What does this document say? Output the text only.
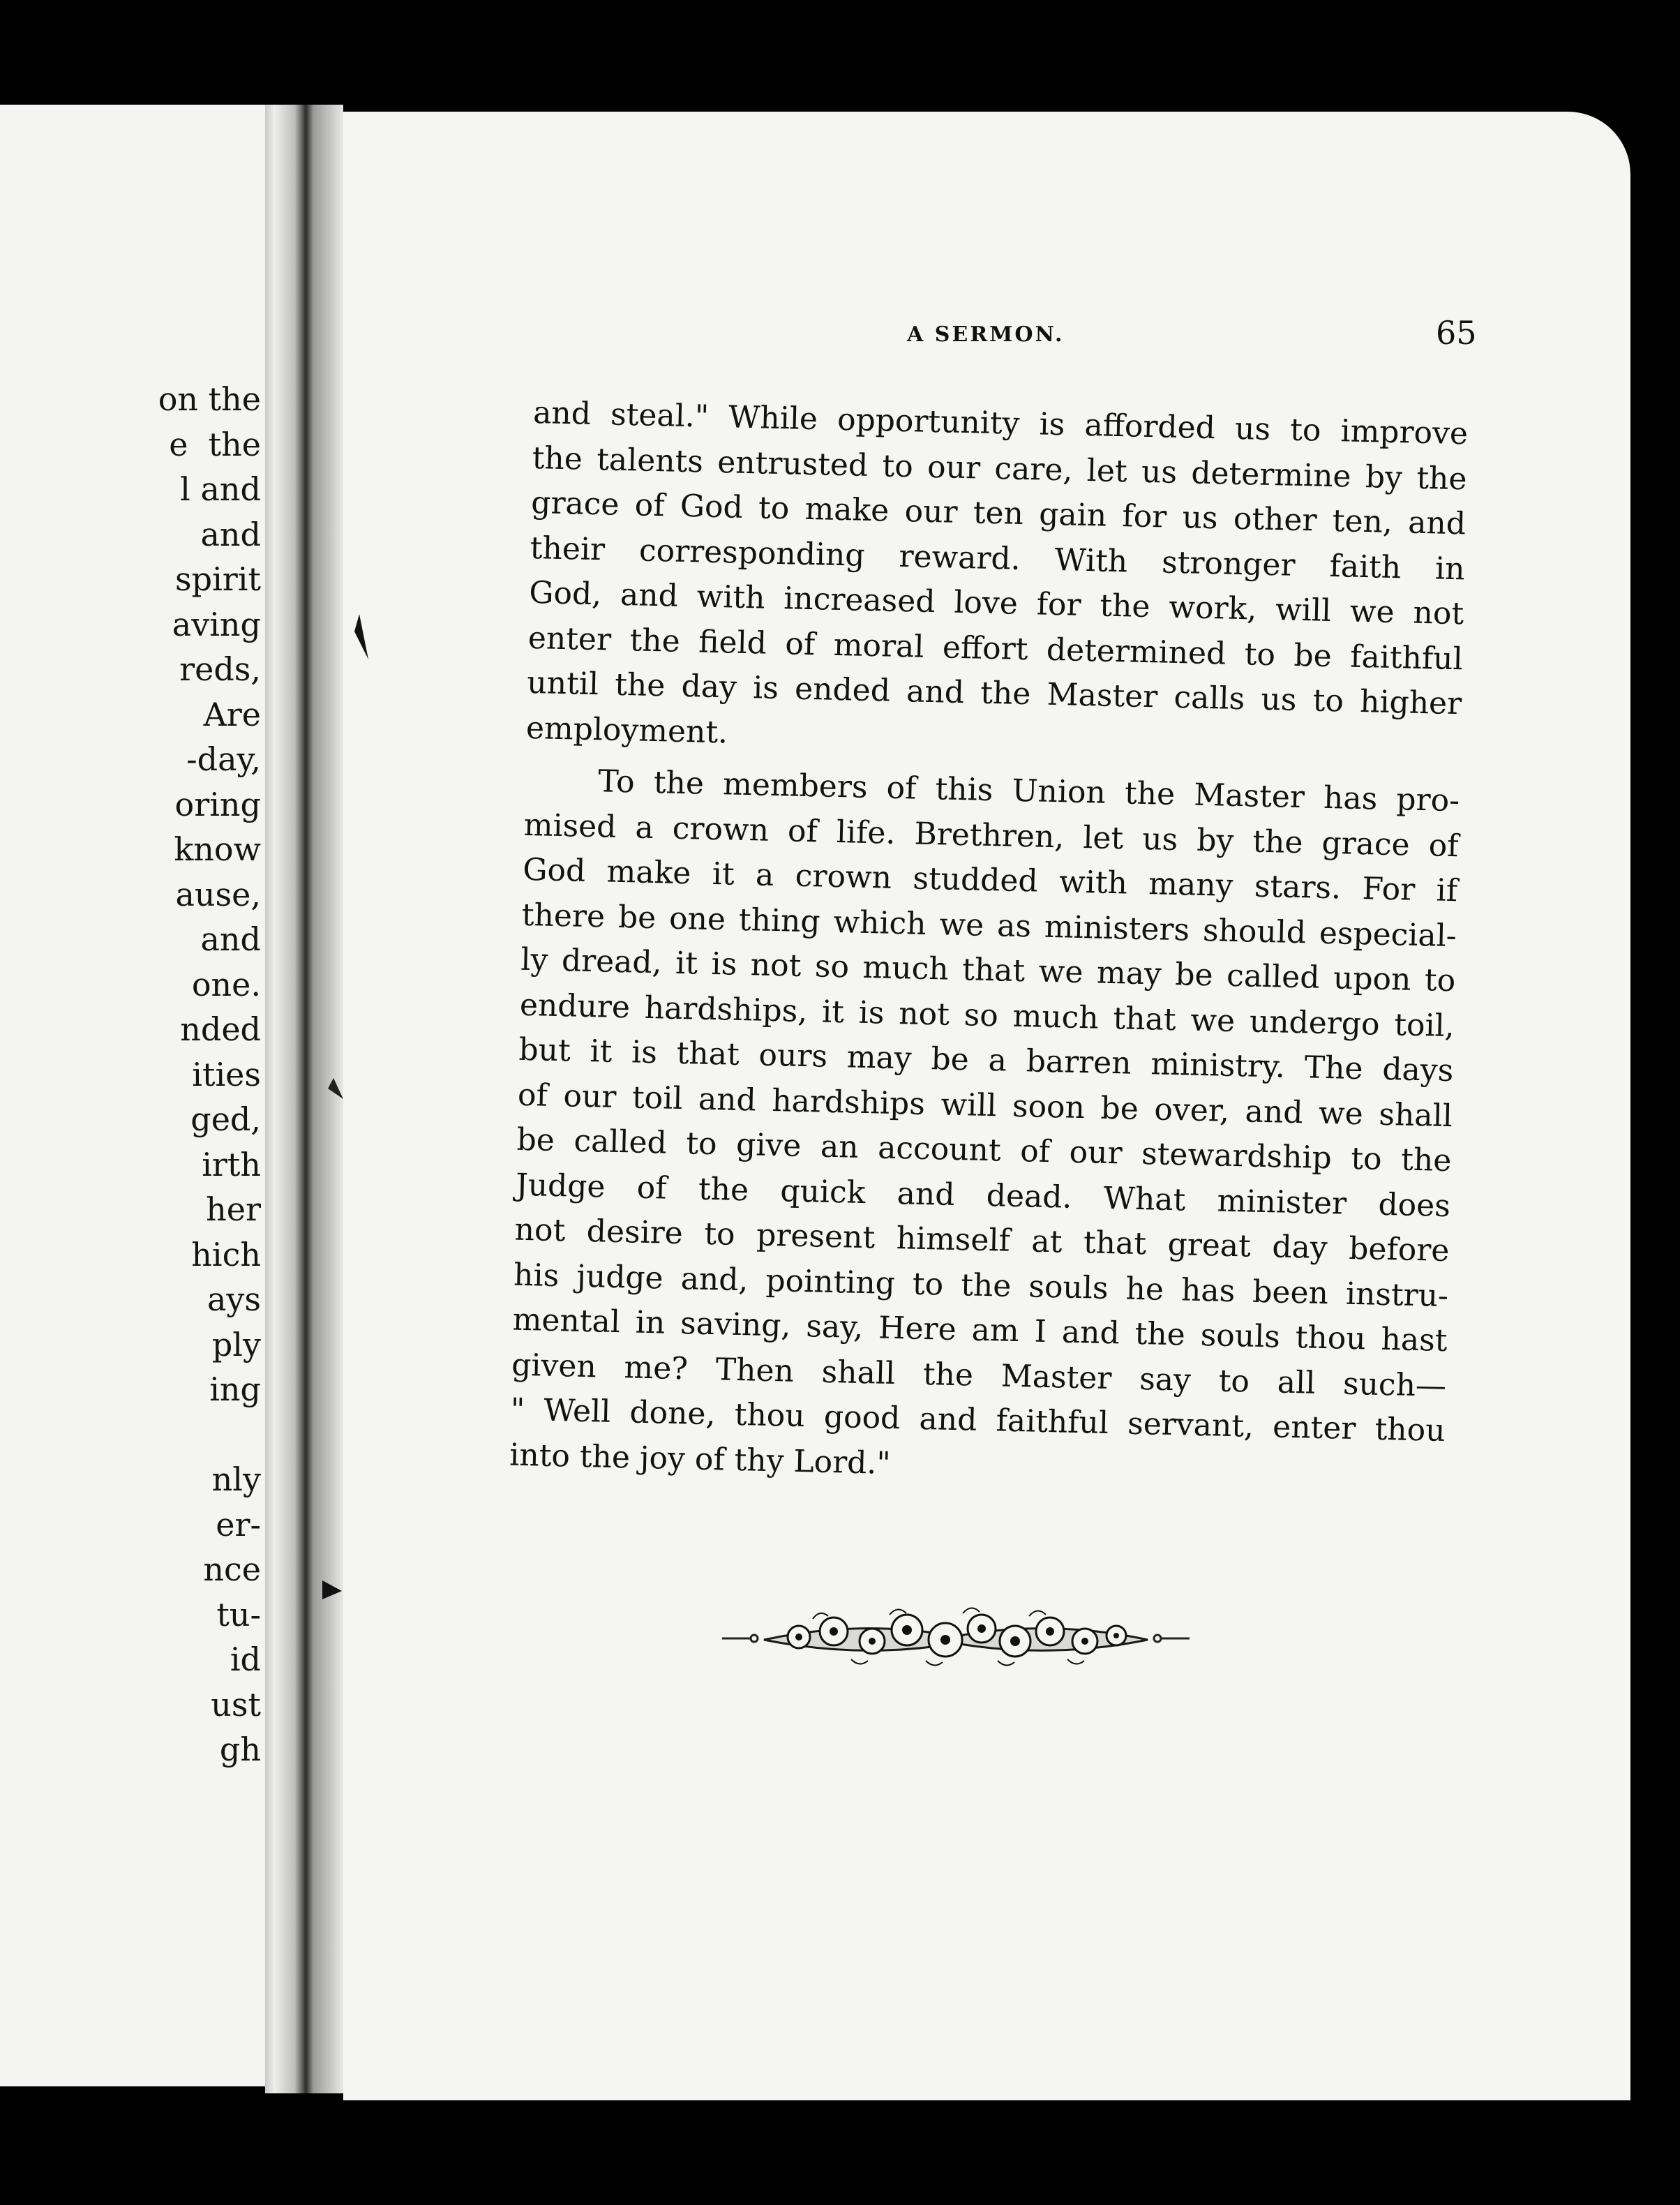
on the
e  the
l and
and
spirit
aving
reds,
Are
-day,
oring
know
ause,
and
one.
nded
ities
ged,
irth
her
hich
ays
ply
ing
nly
er-
nce
tu-
id
ust
gh
A SERMON.	65
and steal." While opportunity is afforded us to improve
the talents entrusted to our care, let us determine by the
grace of God to make our ten gain for us other ten, and
their corresponding reward. With stronger faith in
God, and with increased love for the work, will we not
enter the field of moral effort determined to be faithful
until the day is ended and the Master calls us to higher
employment.
To the members of this Union the Master has pro-
mised a crown of life. Brethren, let us by the grace of
God make it a crown studded with many stars. For if
there be one thing which we as ministers should especial-
ly dread, it is not so much that we may be called upon to
endure hardships, it is not so much that we undergo toil,
but it is that ours may be a barren ministry. The days
of our toil and hardships will soon be over, and we shall
be called to give an account of our stewardship to the
Judge of the quick and dead. What minister does
not desire to present himself at that great day before
his judge and, pointing to the souls he has been instru-
mental in saving, say, Here am I and the souls thou hast
given me? Then shall the Master say to all such—
" Well done, thou good and faithful servant, enter thou
into the joy of thy Lord."
